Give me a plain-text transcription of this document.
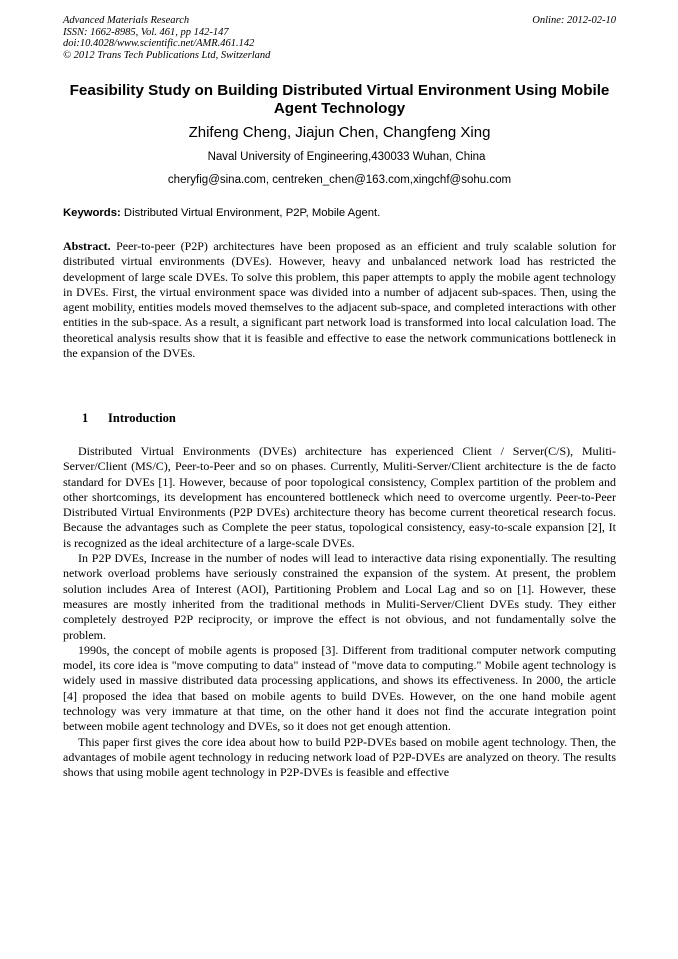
Advanced Materials Research
ISSN: 1662-8985, Vol. 461, pp 142-147
doi:10.4028/www.scientific.net/AMR.461.142
© 2012 Trans Tech Publications Ltd, Switzerland
Online: 2012-02-10
Feasibility Study on Building Distributed Virtual Environment Using Mobile Agent Technology
Zhifeng Cheng, Jiajun Chen, Changfeng Xing
Naval University of Engineering,430033 Wuhan, China
cheryfig@sina.com, centreken_chen@163.com,xingchf@sohu.com
Keywords: Distributed Virtual Environment, P2P, Mobile Agent.
Abstract. Peer-to-peer (P2P) architectures have been proposed as an efficient and truly scalable solution for distributed virtual environments (DVEs). However, heavy and unbalanced network load has restricted the development of large scale DVEs. To solve this problem, this paper attempts to apply the mobile agent technology in DVEs. First, the virtual environment space was divided into a number of adjacent sub-spaces. Then, using the agent mobility, entities models moved themselves to the adjacent sub-space, and completed interactions with other entities in the sub-space. As a result, a significant part network load is transformed into local calculation load. The theoretical analysis results show that it is feasible and effective to ease the network communications bottleneck in the expansion of the DVEs.
1 Introduction

Distributed Virtual Environments (DVEs) architecture has experienced Client / Server(C/S), Muliti-Server/Client (MS/C), Peer-to-Peer and so on phases. Currently, Muliti-Server/Client architecture is the de facto standard for DVEs [1]. However, because of poor topological consistency, Complex partition of the problem and other shortcomings, its development has encountered bottleneck which need to overcome urgently. Peer-to-Peer Distributed Virtual Environments (P2P DVEs) architecture theory has become current theoretical research focus. Because the advantages such as Complete the peer status, topological consistency, easy-to-scale expansion [2], It is recognized as the ideal architecture of a large-scale DVEs.

In P2P DVEs, Increase in the number of nodes will lead to interactive data rising exponentially. The resulting network overload problems have seriously constrained the expansion of the system. At present, the problem solution includes Area of Interest (AOI), Partitioning Problem and Local Lag and so on [1]. However, these measures are mostly inherited from the traditional methods in Muliti-Server/Client DVEs study. They either completely destroyed P2P reciprocity, or improve the effect is not obvious, and not fundamentally solve the problem.

1990s, the concept of mobile agents is proposed [3]. Different from traditional computer network computing model, its core idea is "move computing to data" instead of "move data to computing." Mobile agent technology is widely used in massive distributed data processing applications, and shows its effectiveness. In 2000, the article [4] proposed the idea that based on mobile agents to build DVEs. However, on the one hand mobile agent technology was very immature at that time, on the other hand it does not find the accurate integration point between mobile agent technology and DVEs, so it does not get enough attention.

This paper first gives the core idea about how to build P2P-DVEs based on mobile agent technology. Then, the advantages of mobile agent technology in reducing network load of P2P-DVEs are analyzed on theory. The results shows that using mobile agent technology in P2P-DVEs is feasible and effective
